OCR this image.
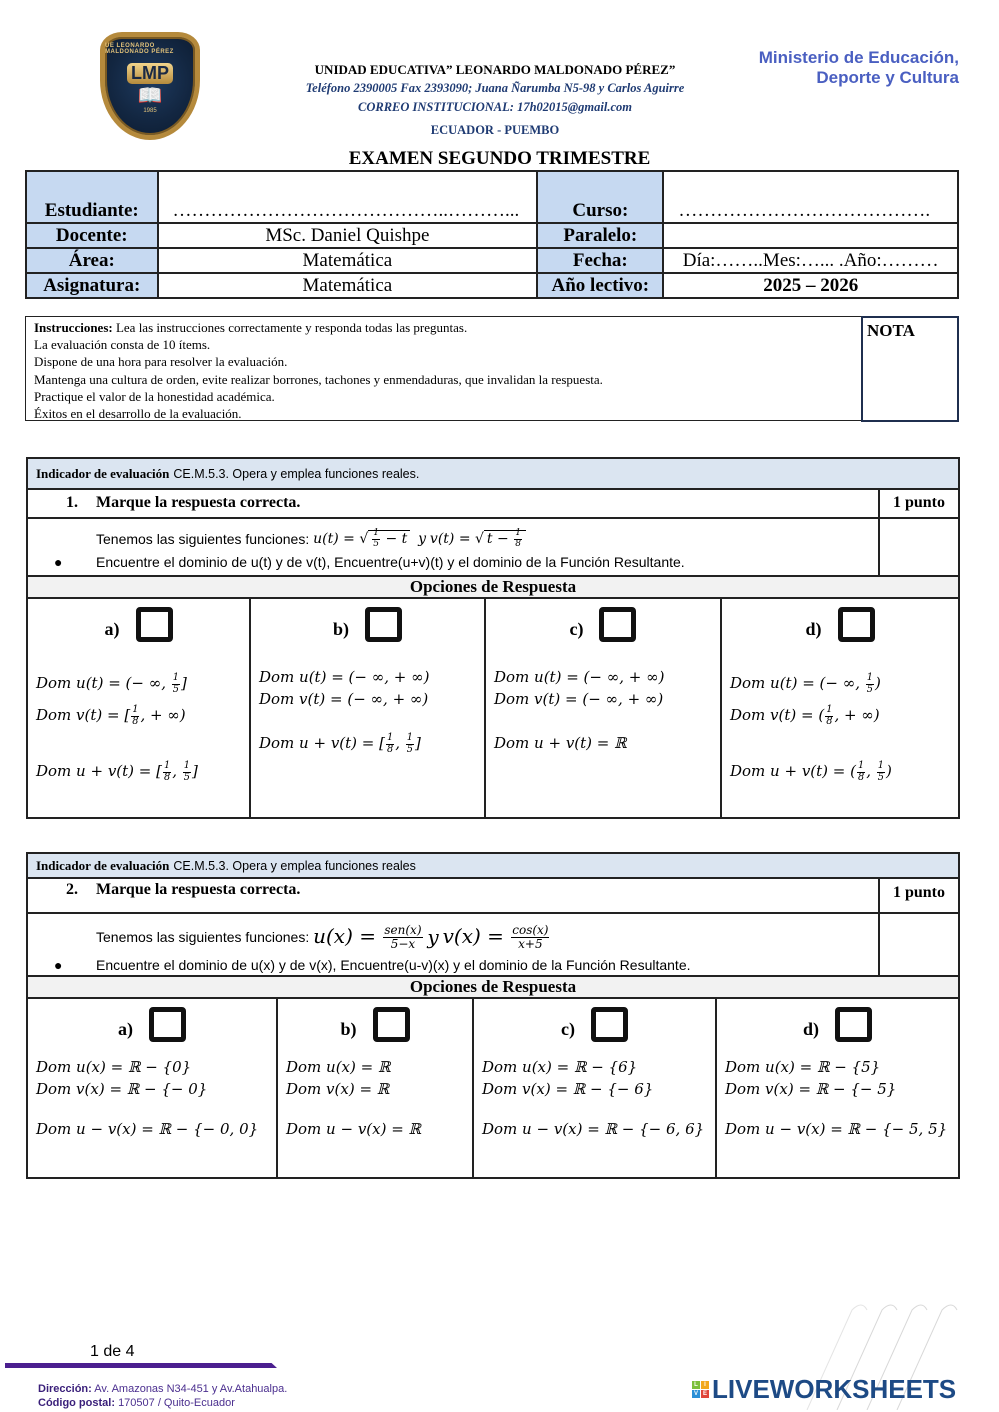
UE LEONARDO MALDONADO PÉREZ
LMP
📖
1985
UNIDAD EDUCATIVA” LEONARDO MALDONADO PÉREZ”
Teléfono 2390005 Fax 2393090; Juana Ñarumba N5-98 y Carlos Aguirre
CORREO INSTITUCIONAL: 17h02015@gmail.com
ECUADOR - PUEMBO
Ministerio de Educación,
Deporte y Cultura
EXAMEN SEGUNDO TRIMESTRE
Estudiante:	……………………………………..………...	Curso:	………………………………….
Docente:	MSc. Daniel Quishpe	Paralelo:	
Área:	Matemática	Fecha:	Día:……..Mes:…... .Año:………
Asignatura:	Matemática	Año lectivo:	2025 – 2026
Instrucciones: Lea las instrucciones correctamente y responda todas las preguntas.
La evaluación consta de 10 ítems.
Dispone de una hora para resolver la evaluación.
Mantenga una cultura de orden, evite realizar borrones, tachones y enmendaduras, que invalidan la respuesta.
Practique el valor de la honestidad académica.
Éxitos en el desarrollo de la evaluación.
NOTA
Indicador de evaluación CE.M.5.3. Opera y emplea funciones reales.
1. Marque la respuesta correcta.	1 punto
Tenemos las siguientes funciones:
u(t) = √ $\frac{1}{5} - t$
y
v(t) = √ $t - \frac{1}{8}$
● Encuentre el dominio de u(t) y de v(t), Encuentre(u+v)(t) y el dominio de la Función Resultante.
Opciones de Respuesta
a)
Dom u(t) = (− ∞, $\frac{1}{5}$ ]
Dom v(t) = [ $\frac{1}{8}$ , + ∞)
Dom u + v(t) = [ $\frac{1}{8}$ , $\frac{1}{5}$ ]
b)
Dom u(t) = (− ∞, + ∞)
Dom v(t) = (− ∞, + ∞)
Dom u + v(t) = [ $\frac{1}{8}$ , $\frac{1}{5}$ ]
c)
Dom u(t) = (− ∞, + ∞)
Dom v(t) = (− ∞, + ∞)
Dom u + v(t) = ℝ
d)
Dom u(t) = (− ∞, $\frac{1}{5}$ )
Dom v(t) = ( $\frac{1}{8}$ , + ∞)
Dom u + v(t) = ( $\frac{1}{8}$ , $\frac{1}{5}$ )
Indicador de evaluación CE.M.5.3. Opera y emplea funciones reales
2. Marque la respuesta correcta.	1 punto
Tenemos las siguientes funciones:
$u(x) = \frac{\text{sen(x)}}{5-x}$
y
$v(x) = \frac{\cos(x)}{x+5}$
● Encuentre el dominio de u(x) y de v(x), Encuentre(u-v)(x) y el dominio de la Función Resultante.
Opciones de Respuesta
a)
Dom u(x) = ℝ − {0}
Dom v(x) = ℝ − {− 0}
Dom u − v(x) = ℝ − {− 0, 0}
b)
Dom u(x) = ℝ
Dom v(x) = ℝ
Dom u − v(x) = ℝ
c)
Dom u(x) = ℝ − {6}
Dom v(x) = ℝ − {− 6}
Dom u − v(x) = ℝ − {− 6, 6}
d)
Dom u(x) = ℝ − {5}
Dom v(x) = ℝ − {− 5}
Dom u − v(x) = ℝ − {− 5, 5}
1 de 4
Dirección: Av. Amazonas N34-451 y Av.Atahualpa.
Código postal: 170507 / Quito-Ecuador
L	I
V E LIVEWORKSHEETS
